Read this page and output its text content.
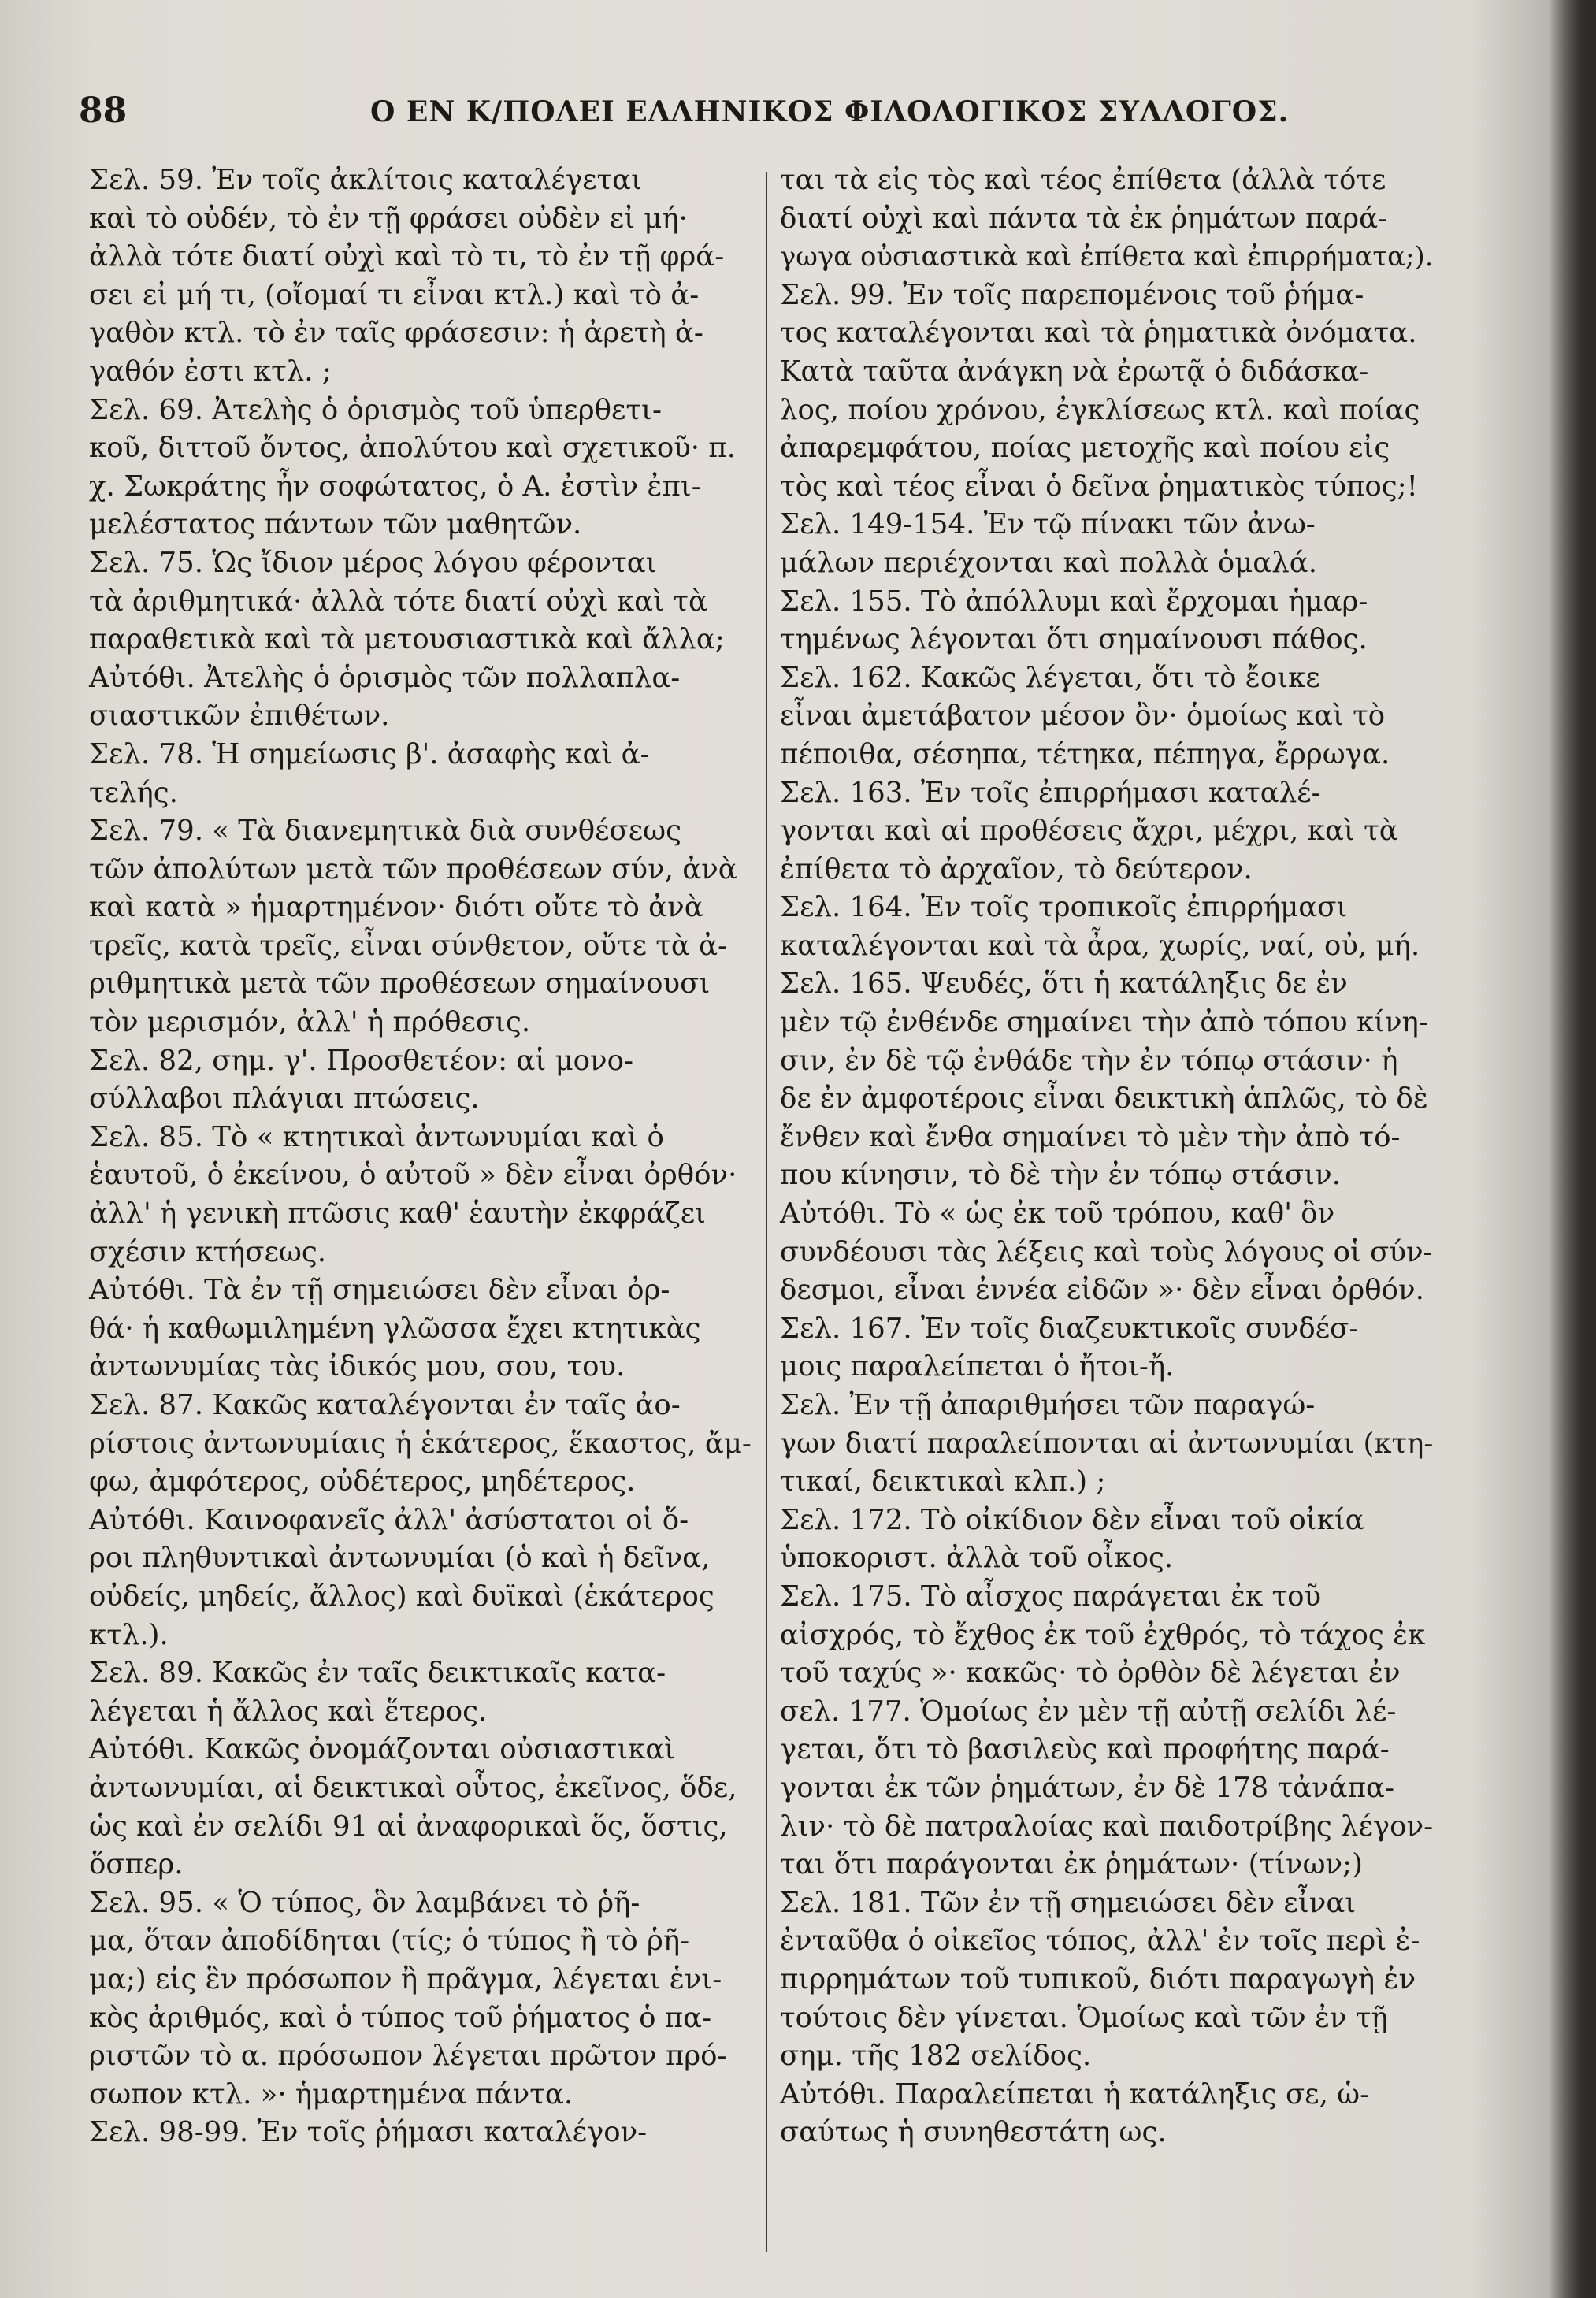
88	Ο ΕΝ Κ/ΠΟΛΕΙ ΕΛΛΗΝΙΚΟΣ ΦΙΛΟΛΟΓΙΚΟΣ ΣΥΛΛΟΓΟΣ.
Σελ. 59. Ἐν τοῖς ἀκλίτοις καταλέγεται
καὶ τὸ οὐδέν, τὸ ἐν τῇ φράσει οὐδὲν εἰ μή·
ἀλλὰ τότε διατί οὐχὶ καὶ τὸ τι, τὸ ἐν τῇ φρά-
σει εἰ μή τι, (οἴομαί τι εἶναι κτλ.) καὶ τὸ ἀ-
γαθὸν κτλ. τὸ ἐν ταῖς φράσεσιν: ἡ ἀρετὴ ἀ-
γαθόν ἐστι κτλ. ;
Σελ. 69. Ἀτελὴς ὁ ὁρισμὸς τοῦ ὑπερθετι-
κοῦ, διττοῦ ὄντος, ἀπολύτου καὶ σχετικοῦ· π.
χ. Σωκράτης ἦν σοφώτατος, ὁ Α. ἐστὶν ἐπι-
μελέστατος πάντων τῶν μαθητῶν.
Σελ. 75. Ὡς ἴδιον μέρος λόγου φέρονται
τὰ ἀριθμητικά· ἀλλὰ τότε διατί οὐχὶ καὶ τὰ
παραθετικὰ καὶ τὰ μετουσιαστικὰ καὶ ἄλλα;
Αὐτόθι. Ἀτελὴς ὁ ὁρισμὸς τῶν πολλαπλα-
σιαστικῶν ἐπιθέτων.
Σελ. 78. Ἡ σημείωσις β'. ἀσαφὴς καὶ ἀ-
τελής.
Σελ. 79. « Τὰ διανεμητικὰ διὰ συνθέσεως
τῶν ἀπολύτων μετὰ τῶν προθέσεων σύν, ἀνὰ
καὶ κατὰ » ἡμαρτημένον· διότι οὔτε τὸ ἀνὰ
τρεῖς, κατὰ τρεῖς, εἶναι σύνθετον, οὔτε τὰ ἀ-
ριθμητικὰ μετὰ τῶν προθέσεων σημαίνουσι
τὸν μερισμόν, ἀλλ' ἡ πρόθεσις.
Σελ. 82, σημ. γ'. Προσθετέον: αἱ μονο-
σύλλαβοι πλάγιαι πτώσεις.
Σελ. 85. Τὸ « κτητικαὶ ἀντωνυμίαι καὶ ὁ
ἑαυτοῦ, ὁ ἐκείνου, ὁ αὐτοῦ » δὲν εἶναι ὀρθόν·
ἀλλ' ἡ γενικὴ πτῶσις καθ' ἑαυτὴν ἐκφράζει
σχέσιν κτήσεως.
Αὐτόθι. Τὰ ἐν τῇ σημειώσει δὲν εἶναι ὀρ-
θά· ἡ καθωμιλημένη γλῶσσα ἔχει κτητικὰς
ἀντωνυμίας τὰς ἰδικός μου, σου, του.
Σελ. 87. Κακῶς καταλέγονται ἐν ταῖς ἀο-
ρίστοις ἀντωνυμίαις ἡ ἑκάτερος, ἕκαστος, ἄμ-
φω, ἀμφότερος, οὐδέτερος, μηδέτερος.
Αὐτόθι. Καινοφανεῖς ἀλλ' ἀσύστατοι οἱ ὅ-
ροι πληθυντικαὶ ἀντωνυμίαι (ὁ καὶ ἡ δεῖνα,
οὐδείς, μηδείς, ἄλλος) καὶ δυϊκαὶ (ἑκάτερος
κτλ.).
Σελ. 89. Κακῶς ἐν ταῖς δεικτικαῖς κατα-
λέγεται ἡ ἄλλος καὶ ἕτερος.
Αὐτόθι. Κακῶς ὀνομάζονται οὐσιαστικαὶ
ἀντωνυμίαι, αἱ δεικτικαὶ οὗτος, ἐκεῖνος, ὅδε,
ὡς καὶ ἐν σελίδι 91 αἱ ἀναφορικαὶ ὅς, ὅστις,
ὅσπερ.
Σελ. 95. « Ὁ τύπος, ὃν λαμβάνει τὸ ῥῆ-
μα, ὅταν ἀποδίδηται (τίς; ὁ τύπος ἢ τὸ ῥῆ-
μα;) εἰς ἓν πρόσωπον ἢ πρᾶγμα, λέγεται ἑνι-
κὸς ἀριθμός, καὶ ὁ τύπος τοῦ ῥήματος ὁ πα-
ριστῶν τὸ α. πρόσωπον λέγεται πρῶτον πρό-
σωπον κτλ. »· ἡμαρτημένα πάντα.
Σελ. 98-99. Ἐν τοῖς ῥήμασι καταλέγον-
ται τὰ εἰς τὸς καὶ τέος ἐπίθετα (ἀλλὰ τότε
διατί οὐχὶ καὶ πάντα τὰ ἐκ ῥημάτων παρά-
γωγα οὐσιαστικὰ καὶ ἐπίθετα καὶ ἐπιρρήματα;).
Σελ. 99. Ἐν τοῖς παρεπομένοις τοῦ ῥήμα-
τος καταλέγονται καὶ τὰ ῥηματικὰ ὀνόματα.
Κατὰ ταῦτα ἀνάγκη νὰ ἐρωτᾷ ὁ διδάσκα-
λος, ποίου χρόνου, ἐγκλίσεως κτλ. καὶ ποίας
ἀπαρεμφάτου, ποίας μετοχῆς καὶ ποίου εἰς
τὸς καὶ τέος εἶναι ὁ δεῖνα ῥηματικὸς τύπος;!
Σελ. 149-154. Ἐν τῷ πίνακι τῶν ἀνω-
μάλων περιέχονται καὶ πολλὰ ὁμαλά.
Σελ. 155. Τὸ ἀπόλλυμι καὶ ἔρχομαι ἡμαρ-
τημένως λέγονται ὅτι σημαίνουσι πάθος.
Σελ. 162. Κακῶς λέγεται, ὅτι τὸ ἔοικε
εἶναι ἀμετάβατον μέσον ὂν· ὁμοίως καὶ τὸ
πέποιθα, σέσηπα, τέτηκα, πέπηγα, ἔρρωγα.
Σελ. 163. Ἐν τοῖς ἐπιρρήμασι καταλέ-
γονται καὶ αἱ προθέσεις ἄχρι, μέχρι, καὶ τὰ
ἐπίθετα τὸ ἀρχαῖον, τὸ δεύτερον.
Σελ. 164. Ἐν τοῖς τροπικοῖς ἐπιρρήμασι
καταλέγονται καὶ τὰ ἆρα, χωρίς, ναί, οὐ, μή.
Σελ. 165. Ψευδές, ὅτι ἡ κατάληξις δε ἐν
μὲν τῷ ἐνθένδε σημαίνει τὴν ἀπὸ τόπου κίνη-
σιν, ἐν δὲ τῷ ἐνθάδε τὴν ἐν τόπῳ στάσιν· ἡ
δε ἐν ἀμφοτέροις εἶναι δεικτικὴ ἁπλῶς, τὸ δὲ
ἔνθεν καὶ ἔνθα σημαίνει τὸ μὲν τὴν ἀπὸ τό-
που κίνησιν, τὸ δὲ τὴν ἐν τόπῳ στάσιν.
Αὐτόθι. Τὸ « ὡς ἐκ τοῦ τρόπου, καθ' ὃν
συνδέουσι τὰς λέξεις καὶ τοὺς λόγους οἱ σύν-
δεσμοι, εἶναι ἐννέα εἰδῶν »· δὲν εἶναι ὀρθόν.
Σελ. 167. Ἐν τοῖς διαζευκτικοῖς συνδέσ-
μοις παραλείπεται ὁ ἤτοι-ἤ.
Σελ. Ἐν τῇ ἀπαριθμήσει τῶν παραγώ-
γων διατί παραλείπονται αἱ ἀντωνυμίαι (κτη-
τικαί, δεικτικαὶ κλπ.) ;
Σελ. 172. Τὸ οἰκίδιον δὲν εἶναι τοῦ οἰκία
ὑποκοριστ. ἀλλὰ τοῦ οἶκος.
Σελ. 175. Τὸ αἶσχος παράγεται ἐκ τοῦ
αἰσχρός, τὸ ἔχθος ἐκ τοῦ ἐχθρός, τὸ τάχος ἐκ
τοῦ ταχύς »· κακῶς· τὸ ὀρθὸν δὲ λέγεται ἐν
σελ. 177. Ὁμοίως ἐν μὲν τῇ αὐτῇ σελίδι λέ-
γεται, ὅτι τὸ βασιλεὺς καὶ προφήτης παρά-
γονται ἐκ τῶν ῥημάτων, ἐν δὲ 178 τἀνάπα-
λιν· τὸ δὲ πατραλοίας καὶ παιδοτρίβης λέγον-
ται ὅτι παράγονται ἐκ ῥημάτων· (τίνων;)
Σελ. 181. Τῶν ἐν τῇ σημειώσει δὲν εἶναι
ἐνταῦθα ὁ οἰκεῖος τόπος, ἀλλ' ἐν τοῖς περὶ ἐ-
πιρρημάτων τοῦ τυπικοῦ, διότι παραγωγὴ ἐν
τούτοις δὲν γίνεται. Ὁμοίως καὶ τῶν ἐν τῇ
σημ. τῆς 182 σελίδος.
Αὐτόθι. Παραλείπεται ἡ κατάληξις σε, ὡ-
σαύτως ἡ συνηθεστάτη ως.
